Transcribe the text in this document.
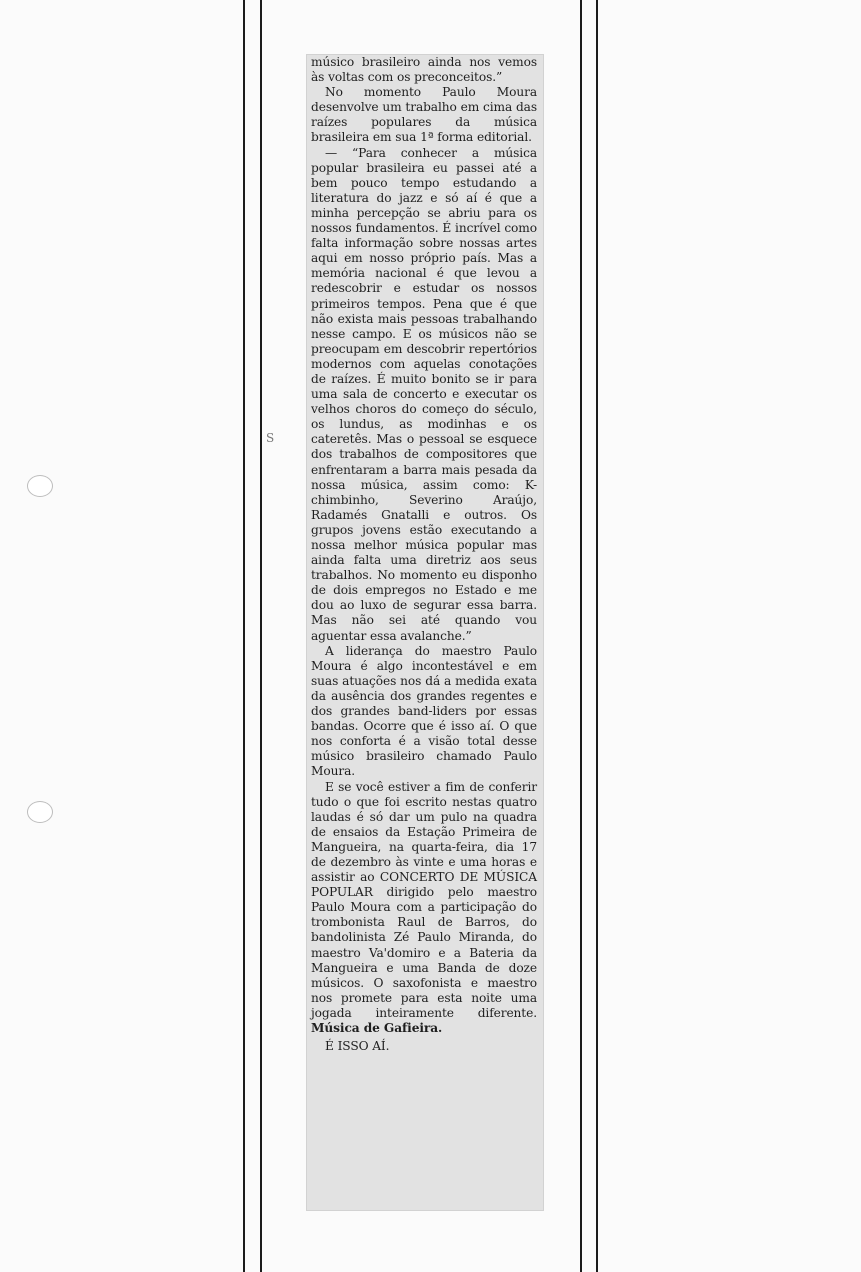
S

músico brasileiro ainda nos vemos às voltas com os preconceitos.”

No momento Paulo Moura desenvolve um trabalho em cima das raízes populares da música brasileira em sua 1ª forma editorial.

— “Para conhecer a música popular brasileira eu passei até a bem pouco tempo estudando a literatura do jazz e só aí é que a minha percepção se abriu para os nossos fundamentos. É incrível como falta informação sobre nossas artes aqui em nosso próprio país. Mas a memória nacional é que levou a redescobrir e estudar os nossos primeiros tempos. Pena que é que não exista mais pessoas trabalhando nesse campo. E os músicos não se preocupam em descobrir repertórios modernos com aquelas conotações de raízes. É muito bonito se ir para uma sala de concerto e executar os velhos choros do começo do século, os lundus, as modinhas e os cateretês. Mas o pessoal se esquece dos trabalhos de compositores que enfrentaram a barra mais pesada da nossa música, assim como: K-chimbinho, Severino Araújo, Radamés Gnatalli e outros. Os grupos jovens estão executando a nossa melhor música popular mas ainda falta uma diretriz aos seus trabalhos. No momento eu disponho de dois empregos no Estado e me dou ao luxo de segurar essa barra. Mas não sei até quando vou aguentar essa avalanche.”

A liderança do maestro Paulo Moura é algo incontestável e em suas atuações nos dá a medida exata da ausência dos grandes regentes e dos grandes band-liders por essas bandas. Ocorre que é isso aí. O que nos conforta é a visão total desse músico brasileiro chamado Paulo Moura.

E se você estiver a fim de conferir tudo o que foi escrito nestas quatro laudas é só dar um pulo na quadra de ensaios da Estação Primeira de Mangueira, na quarta-feira, dia 17 de dezembro às vinte e uma horas e assistir ao CONCERTO DE MÚSICA POPULAR dirigido pelo maestro Paulo Moura com a participação do trombonista Raul de Barros, do bandolinista Zé Paulo Miranda, do maestro Va'domiro e a Bateria da Mangueira e uma Banda de doze músicos. O saxofonista e maestro nos promete para esta noite uma jogada inteiramente diferente. Música de Gafieira.

É ISSO AÍ.
